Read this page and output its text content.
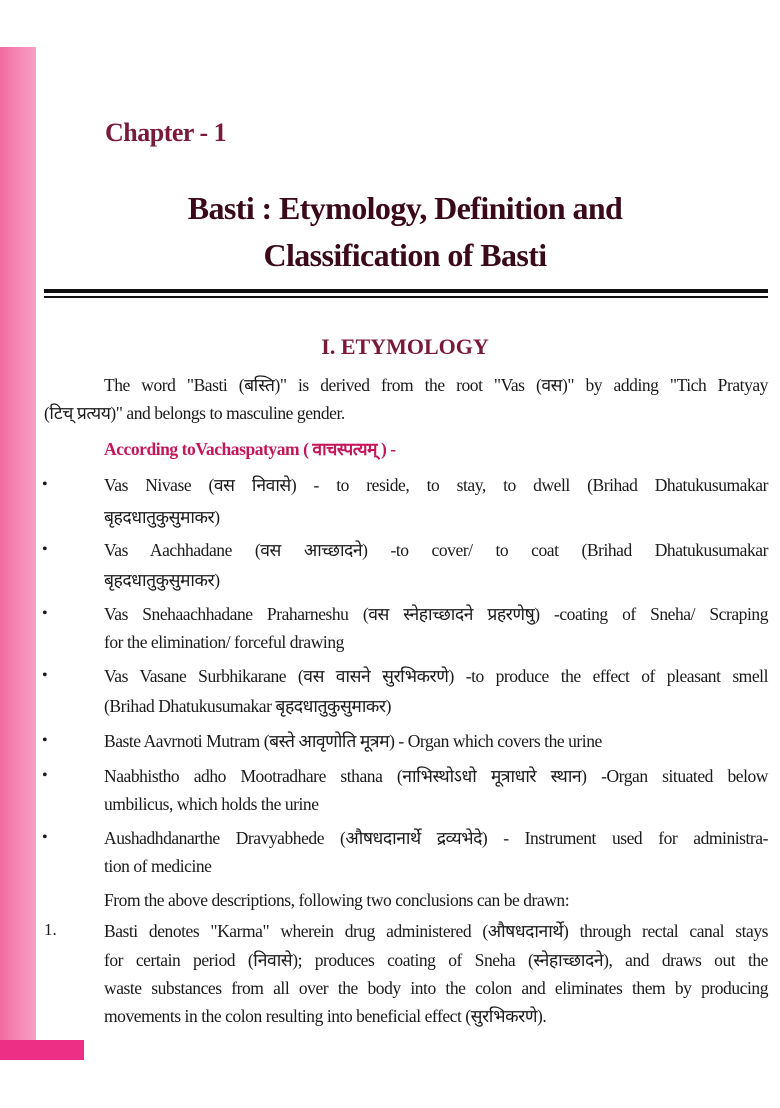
Chapter - 1
Basti : Etymology, Definition and
Classification of Basti
I. ETYMOLOGY
The word "Basti (बस्ति)" is derived from the root "Vas (वस)" by adding "Tich Pratyay
(टिच् प्रत्यय)" and belongs to masculine gender.
According toVachaspatyam ( वाचस्पत्यम् ) -
•	Vas Nivase (वस निवासे) - to reside, to stay, to dwell (Brihad Dhatukusumakar
बृहदधातुकुसुमाकर)
•	Vas Aachhadane (वस आच्छादने) -to cover/ to coat (Brihad Dhatukusumakar
बृहदधातुकुसुमाकर)
•	Vas Snehaachhadane Praharneshu (वस स्नेहाच्छादने प्रहरणेषु) -coating of Sneha/ Scraping
for the elimination/ forceful drawing
•	Vas Vasane Surbhikarane (वस वासने सुरभिकरणे) -to produce the effect of pleasant smell
(Brihad Dhatukusumakar बृहदधातुकुसुमाकर)
•	Baste Aavrnoti Mutram (बस्ते आवृणोति मूत्रम) - Organ which covers the urine
•	Naabhistho adho Mootradhare sthana (नाभिस्थोऽधो मूत्राधारे स्थान) -Organ situated below
umbilicus, which holds the urine
•	Aushadhdanarthe Dravyabhede (औषधदानार्थे द्रव्यभेदे) - Instrument used for administra-
tion of medicine
From the above descriptions, following two conclusions can be drawn:
1.	Basti denotes "Karma" wherein drug administered (औषधदानार्थे) through rectal canal stays
for certain period (निवासे); produces coating of Sneha (स्नेहाच्छादने), and draws out the
waste substances from all over the body into the colon and eliminates them by producing
movements in the colon resulting into beneficial effect (सुरभिकरणे).
